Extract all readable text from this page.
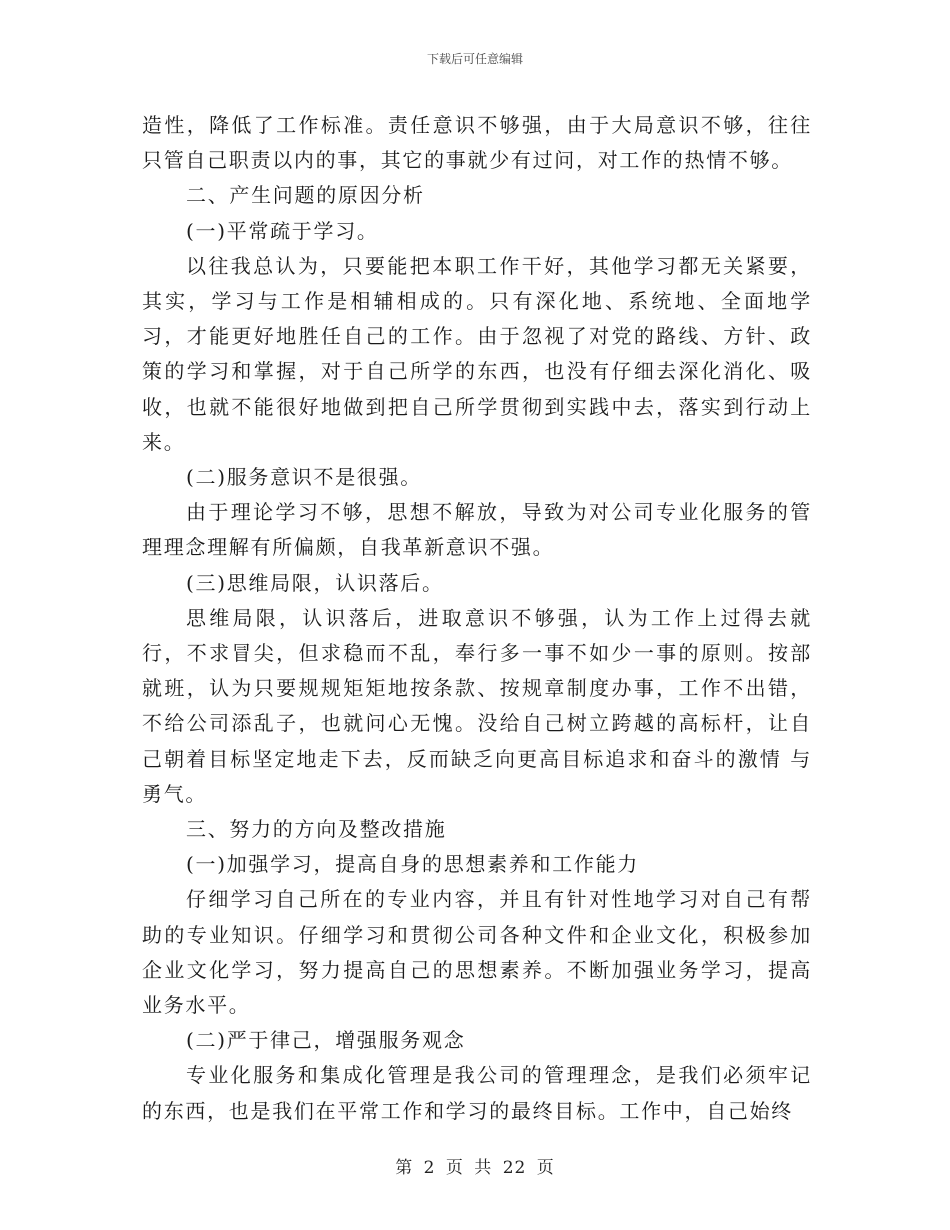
下载后可任意编辑

造性，降低了工作标准。责任意识不够强，由于大局意识不够，往往只管自己职责以内的事，其它的事就少有过问，对工作的热情不够。

二、产生问题的原因分析

(一)平常疏于学习。

以往我总认为，只要能把本职工作干好，其他学习都无关紧要，其实，学习与工作是相辅相成的。只有深化地、系统地、全面地学习，才能更好地胜任自己的工作。由于忽视了对党的路线、方针、政策的学习和掌握，对于自己所学的东西，也没有仔细去深化消化、吸收，也就不能很好地做到把自己所学贯彻到实践中去，落实到行动上来。

(二)服务意识不是很强。

由于理论学习不够，思想不解放，导致为对公司专业化服务的管理理念理解有所偏颇，自我革新意识不强。

(三)思维局限，认识落后。

思维局限，认识落后，进取意识不够强，认为工作上过得去就行，不求冒尖，但求稳而不乱，奉行多一事不如少一事的原则。按部就班，认为只要规规矩矩地按条款、按规章制度办事，工作不出错，不给公司添乱子，也就问心无愧。没给自己树立跨越的高标杆，让自己朝着目标坚定地走下去，反而缺乏向更高目标追求和奋斗的激情 与勇气。

三、努力的方向及整改措施

(一)加强学习，提高自身的思想素养和工作能力

仔细学习自己所在的专业内容，并且有针对性地学习对自己有帮助的专业知识。仔细学习和贯彻公司各种文件和企业文化，积极参加企业文化学习，努力提高自己的思想素养。不断加强业务学习，提高业务水平。

(二)严于律己，增强服务观念

专业化服务和集成化管理是我公司的管理理念，是我们必须牢记的东西，也是我们在平常工作和学习的最终目标。工作中，自己始终

第 2 页 共 22 页
